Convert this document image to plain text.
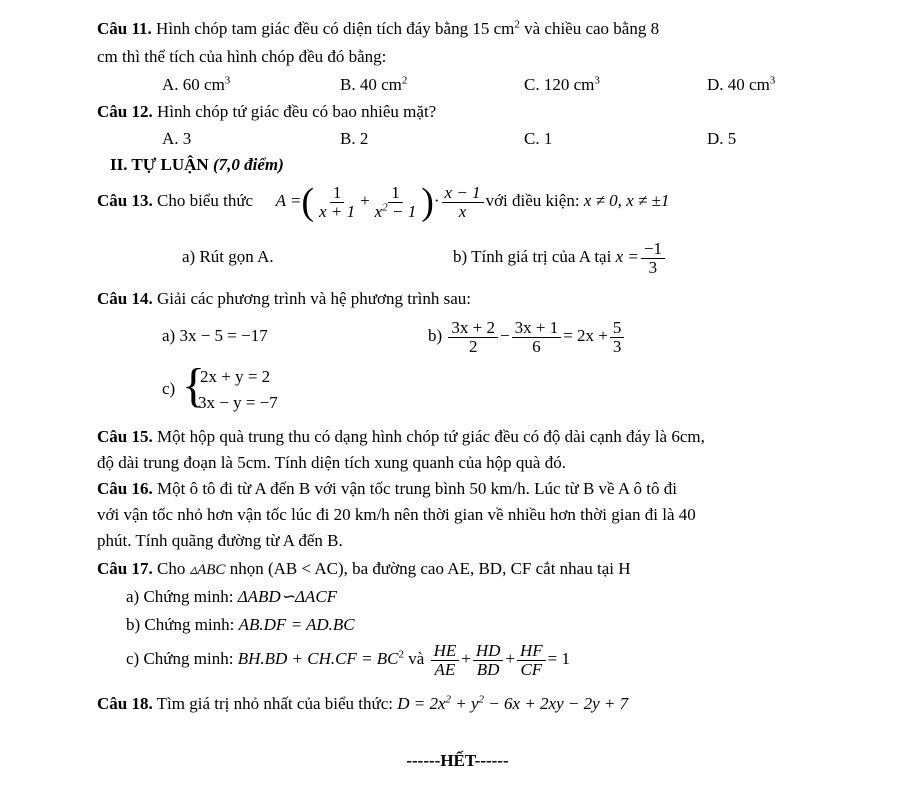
Câu 11. Hình chóp tam giác đều có diện tích đáy bằng 15 $cm^2$ và chiều cao bằng 8
cm thì thể tích của hình chóp đều đó bằng:
A. 60 $cm^3$	B. 40 $cm^2$	C. 120 $cm^3$	D. 40 $cm^3$
Câu 12. Hình chóp tứ giác đều có bao nhiêu mặt?
A. 3	B. 2	C. 1	D. 5
II. TỰ LUẬN (7,0 điểm)
Câu 13. Cho biểu thức A =( $\frac{1}{x + 1} + \frac{1}{x^2 - 1}$ )· $\frac{x - 1}{x}$ với điều kiện: x ≠ 0, x ≠ ±1
a) Rút gọn A.	b) Tính giá trị của A tại $x = \frac{-1}{3}$
Câu 14. Giải các phương trình và hệ phương trình sau:
a) 3x − 5 = −17	$b) \frac{3x + 2}{2} - \frac{3x + 1}{6} = 2x + \frac{5}{3}$
c) {
2x + y = 2
3x − y = −7
Câu 15. Một hộp quà trung thu có dạng hình chóp tứ giác đều có độ dài cạnh đáy là 6cm,
độ dài trung đoạn là 5cm. Tính diện tích xung quanh của hộp quà đó.
Câu 16. Một ô tô đi từ A đến B với vận tốc trung bình 50 km/h. Lúc từ B về A ô tô đi
với vận tốc nhỏ hơn vận tốc lúc đi 20 km/h nên thời gian về nhiều hơn thời gian đi là 40
phút. Tính quãng đường từ A đến B.
Câu 17. Cho ▵ABC nhọn (AB < AC), ba đường cao AE, BD, CF cắt nhau tại H
a) Chứng minh: ΔABD∽ΔACF
b) Chứng minh: AB.DF = AD.BC
c) Chứng minh: $BH.BD + CH.CF = BC^2$ và $\frac{HE}{AE} + \frac{HD}{BD} + \frac{HF}{CF} = 1$
Câu 18. Tìm giá trị nhỏ nhất của biểu thức: $D = 2x^2 + y^2 - 6x + 2xy - 2y + 7$
------HẾT------
